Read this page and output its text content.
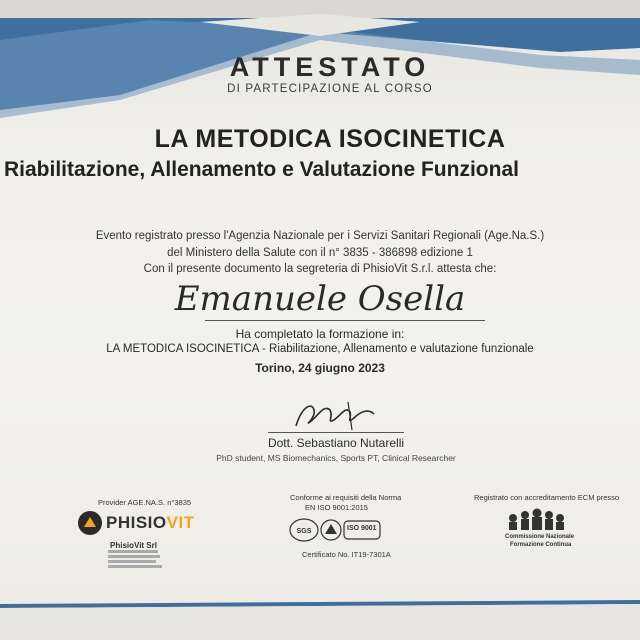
ATTESTATO
DI PARTECIPAZIONE AL CORSO
LA METODICA ISOCINETICA
Riabilitazione, Allenamento e Valutazione Funzional
Evento registrato presso l'Agenzia Nazionale per i Servizi Sanitari Regionali (Age.Na.S.)
del Ministero della Salute con il n° 3835 - 386898 edizione 1
Con il presente documento la segreteria di PhisioVit S.r.l. attesta che:
Emanuele Osella
Ha completato la formazione in:
LA METODICA ISOCINETICA - Riabilitazione, Allenamento e valutazione funzionale
Torino, 24 giugno 2023
Dott. Sebastiano Nutarelli
PhD student, MS Biomechanics, Sports PT, Clinical Researcher
Provider AGE.NA.S. n°3835
PHISIOVIT
PhisioVit Srl
Conforme ai requisiti della Norma
EN ISO 9001:2015
SGS	ISO 9001
Certificato No. IT19-7301A
Registrato con accreditamento ECM presso
Commissione Nazionale
Formazione Continua
